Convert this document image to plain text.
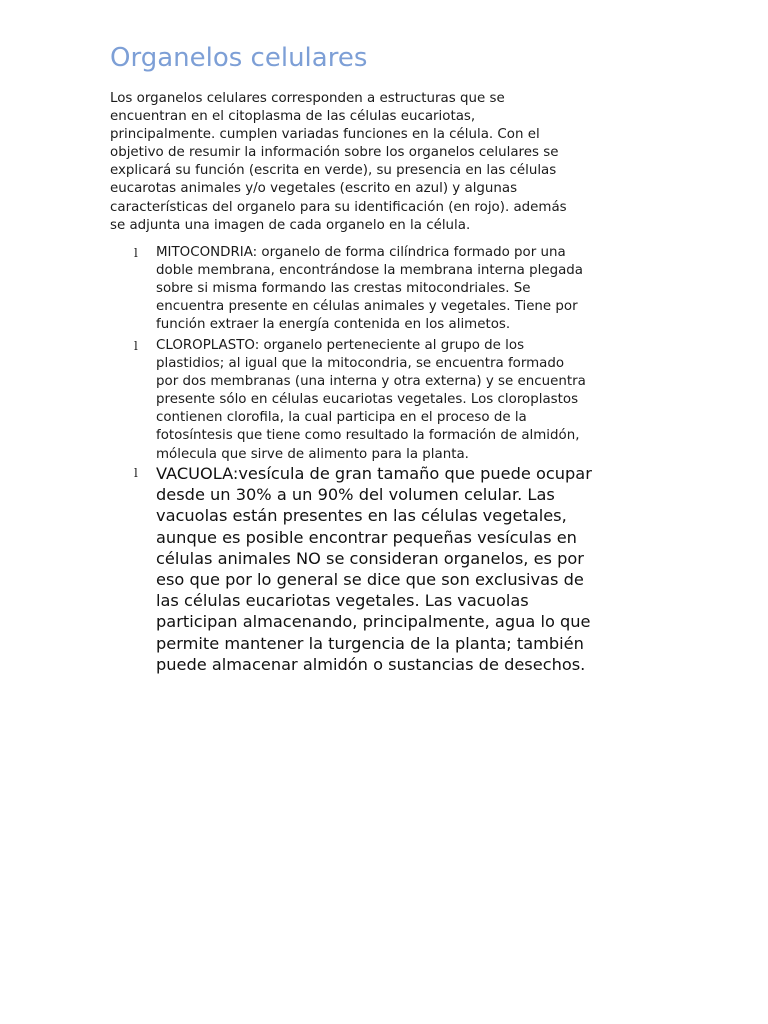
Organelos celulares

Los organelos celulares corresponden a estructuras que se
encuentran en el citoplasma de las células eucariotas,
principalmente. cumplen variadas funciones en la célula. Con el
objetivo de resumir la información sobre los organelos celulares se
explicará su función (escrita en verde), su presencia en las células
eucarotas animales y/o vegetales (escrito en azul) y algunas
características del organelo para su identificación (en rojo). además
se adjunta una imagen de cada organelo en la célula.

l MITOCONDRIA: organelo de forma cilíndrica formado por una
doble membrana, encontrándose la membrana interna plegada
sobre si misma formando las crestas mitocondriales. Se
encuentra presente en células animales y vegetales. Tiene por
función extraer la energía contenida en los alimetos.

l CLOROPLASTO: organelo perteneciente al grupo de los
plastidios; al igual que la mitocondria, se encuentra formado
por dos membranas (una interna y otra externa) y se encuentra
presente sólo en células eucariotas vegetales. Los cloroplastos
contienen clorofila, la cual participa en el proceso de la
fotosíntesis que tiene como resultado la formación de almidón,
mólecula que sirve de alimento para la planta.

l VACUOLA:vesícula de gran tamaño que puede ocupar
desde un 30% a un 90% del volumen celular. Las
vacuolas están presentes en las células vegetales,
aunque es posible encontrar pequeñas vesículas en
células animales NO se consideran organelos, es por
eso que por lo general se dice que son exclusivas de
las células eucariotas vegetales. Las vacuolas
participan almacenando, principalmente, agua lo que
permite mantener la turgencia de la planta; también
puede almacenar almidón o sustancias de desechos.
